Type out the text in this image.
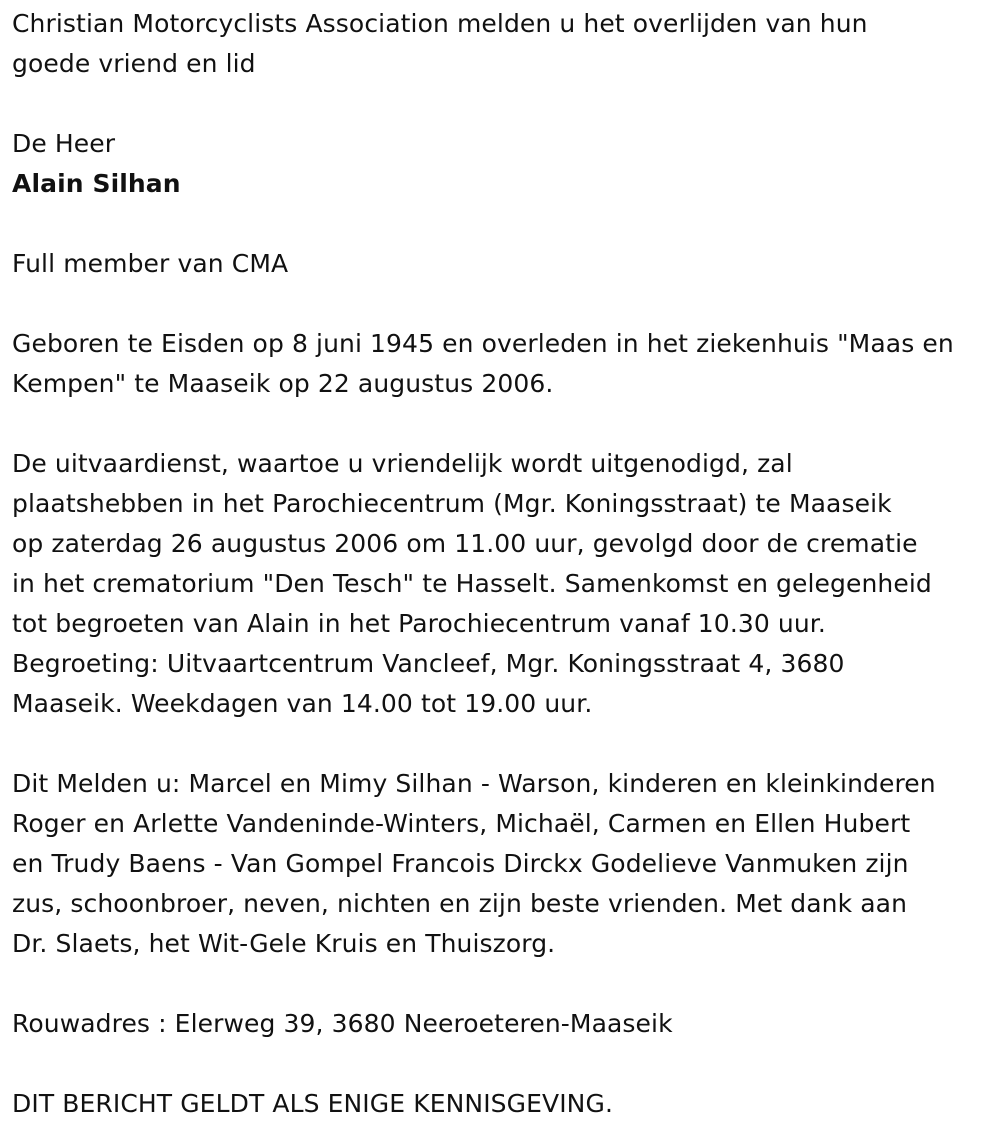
Christian Motorcyclists Association melden u het overlijden van hun
goede vriend en lid
De Heer
Alain Silhan
Full member van CMA
Geboren te Eisden op 8 juni 1945 en overleden in het ziekenhuis "Maas en
Kempen" te Maaseik op 22 augustus 2006.
De uitvaardienst, waartoe u vriendelijk wordt uitgenodigd, zal
plaatshebben in het Parochiecentrum (Mgr. Koningsstraat) te Maaseik
op zaterdag 26 augustus 2006 om 11.00 uur, gevolgd door de crematie
in het crematorium "Den Tesch" te Hasselt. Samenkomst en gelegenheid
tot begroeten van Alain in het Parochiecentrum vanaf 10.30 uur.
Begroeting: Uitvaartcentrum Vancleef, Mgr. Koningsstraat 4, 3680
Maaseik. Weekdagen van 14.00 tot 19.00 uur.
Dit Melden u: Marcel en Mimy Silhan - Warson, kinderen en kleinkinderen
Roger en Arlette Vandeninde-Winters, Michaël, Carmen en Ellen Hubert
en Trudy Baens - Van Gompel Francois Dirckx Godelieve Vanmuken zijn
zus, schoonbroer, neven, nichten en zijn beste vrienden. Met dank aan
Dr. Slaets, het Wit-Gele Kruis en Thuiszorg.
Rouwadres : Elerweg 39, 3680 Neeroeteren-Maaseik
DIT BERICHT GELDT ALS ENIGE KENNISGEVING.
